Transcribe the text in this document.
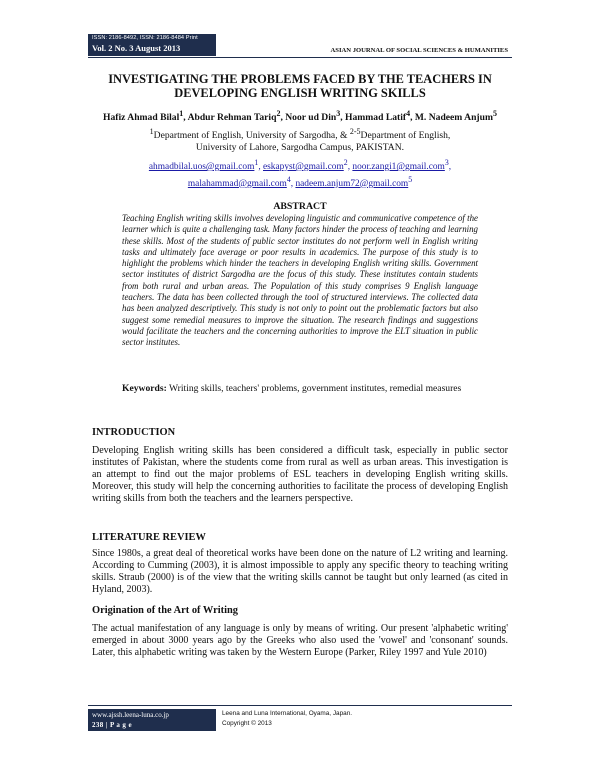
ISSN: 2186-8492, ISSN: 2186-8484 Print
Vol. 2 No. 3 August 2013	ASIAN JOURNAL OF SOCIAL SCIENCES & HUMANITIES
INVESTIGATING THE PROBLEMS FACED BY THE TEACHERS IN
DEVELOPING ENGLISH WRITING SKILLS
Hafiz Ahmad Bilal$^1$, Abdur Rehman Tariq$^2$, Noor ud Din$^3$, Hammad Latif$^4$, M. Nadeem Anjum$^5$
$^1$Department of English, University of Sargodha, & $^{2-5}$Department of English,
University of Lahore, Sargodha Campus, PAKISTAN.
ahmadbilal.uos@gmail.com$^1$, eskapyst@gmail.com$^2$, noor.zangi1@gmail.com$^3$,
malahammad@gmail.com$^4$, nadeem.anjum72@gmail.com$^5$
ABSTRACT
Teaching English writing skills involves developing linguistic and communicative competence of the learner which is quite a challenging task. Many factors hinder the process of teaching and learning these skills. Most of the students of public sector institutes do not perform well in English writing tasks and ultimately face average or poor results in academics. The purpose of this study is to highlight the problems which hinder the teachers in developing English writing skills. Government sector institutes of district Sargodha are the focus of this study. These institutes contain students from both rural and urban areas. The Population of this study comprises 9 English language teachers. The data has been collected through the tool of structured interviews. The collected data has been analyzed descriptively. This study is not only to point out the problematic factors but also suggest some remedial measures to improve the situation. The research findings and suggestions would facilitate the teachers and the concerning authorities to improve the ELT situation in public sector institutes.
Keywords: Writing skills, teachers' problems, government institutes, remedial measures
INTRODUCTION
Developing English writing skills has been considered a difficult task, especially in public sector institutes of Pakistan, where the students come from rural as well as urban areas. This investigation is an attempt to find out the major problems of ESL teachers in developing English writing skills. Moreover, this study will help the concerning authorities to facilitate the process of developing English writing skills from both the teachers and the learners perspective.
LITERATURE REVIEW
Since 1980s, a great deal of theoretical works have been done on the nature of L2 writing and learning. According to Cumming (2003), it is almost impossible to apply any specific theory to teaching writing skills. Straub (2000) is of the view that the writing skills cannot be taught but only learned (as cited in Hyland, 2003).
Origination of the Art of Writing
The actual manifestation of any language is only by means of writing. Our present 'alphabetic writing' emerged in about 3000 years ago by the Greeks who also used the 'vowel' and 'consonant' sounds. Later, this alphabetic writing was taken by the Western Europe (Parker, Riley 1997 and Yule 2010)
www.ajssh.leena-luna.co.jp
238 | P a g e
Leena and Luna International, Oyama, Japan.
Copyright © 2013
